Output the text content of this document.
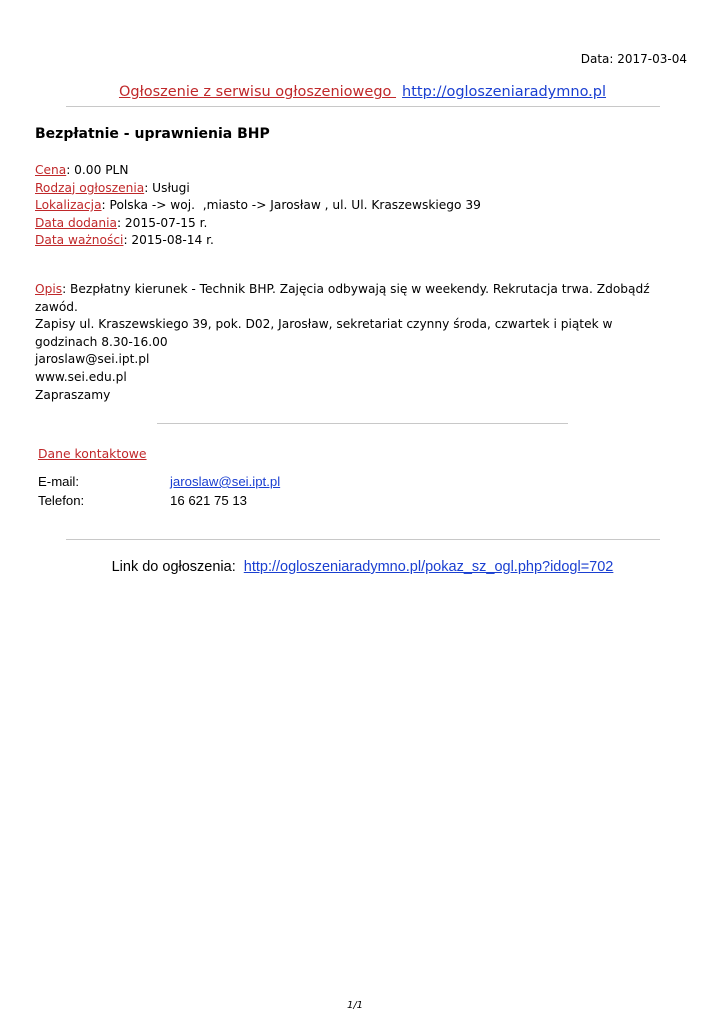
Data: 2017-03-04
Ogłoszenie z serwisu ogłoszeniowego http://ogloszeniaradymno.pl
Bezpłatnie - uprawnienia BHP
Cena: 0.00 PLN
Rodzaj ogłoszenia: Usługi
Lokalizacja: Polska -> woj.  ,miasto -> Jarosław , ul. Ul. Kraszewskiego 39
Data dodania: 2015-07-15 r.
Data ważności: 2015-08-14 r.
Opis: Bezpłatny kierunek - Technik BHP. Zajęcia odbywają się w weekendy. Rekrutacja trwa. Zdobądź zawód.
Zapisy ul. Kraszewskiego 39, pok. D02, Jarosław, sekretariat czynny środa, czwartek i piątek w godzinach 8.30-16.00
jaroslaw@sei.ipt.pl
www.sei.edu.pl
Zapraszamy
Dane kontaktowe
E-mail:	jaroslaw@sei.ipt.pl
Telefon:	16 621 75 13
Link do ogłoszenia: http://ogloszeniaradymno.pl/pokaz_sz_ogl.php?idogl=702
1/1
